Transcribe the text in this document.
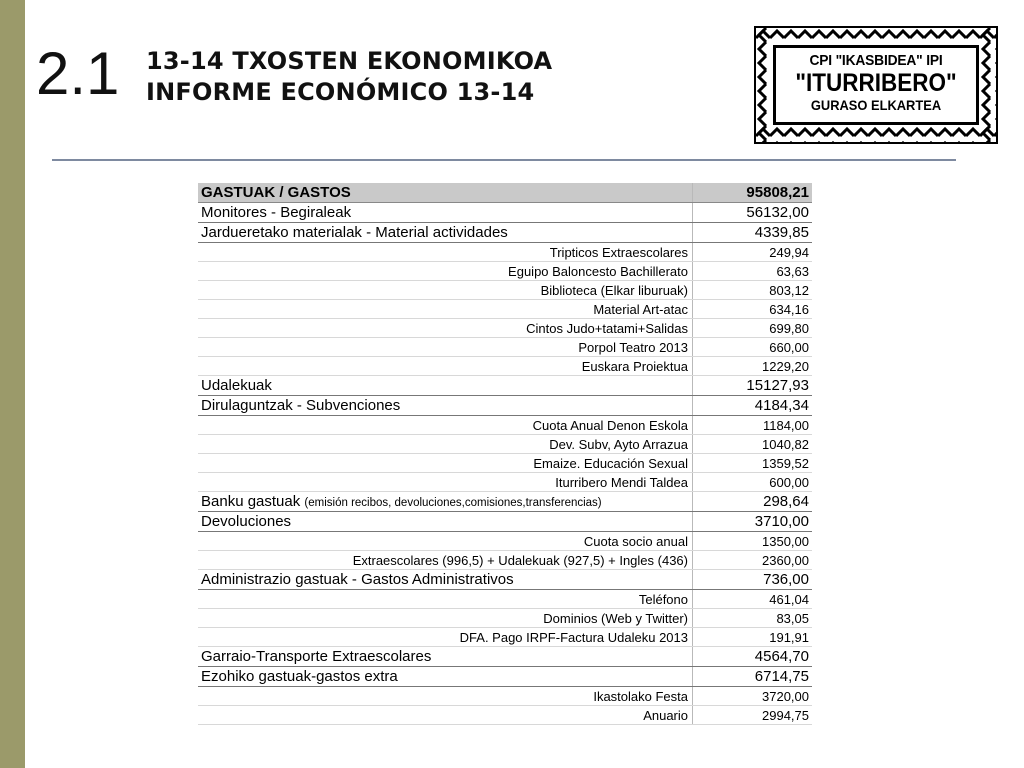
2.1 13-14 TXOSTEN EKONOMIKOA
INFORME ECONÓMICO 13-14
CPI "IKASBIDEA" IPI
"ITURRIBERO"
GURASO ELKARTEA
GASTUAK / GASTOS	95808,21
Monitores - Begiraleak	56132,00
Jardueretako materialak - Material actividades	4339,85
Tripticos Extraescolares	249,94
Eguipo Baloncesto Bachillerato	63,63
Biblioteca (Elkar liburuak)	803,12
Material Art-atac	634,16
Cintos Judo+tatami+Salidas	699,80
Porpol Teatro 2013	660,00
Euskara Proiektua	1229,20
Udalekuak	15127,93
Dirulaguntzak - Subvenciones	4184,34
Cuota Anual Denon Eskola	1184,00
Dev. Subv, Ayto Arrazua	1040,82
Emaize. Educación Sexual	1359,52
Iturribero Mendi Taldea	600,00
Banku gastuak (emisión recibos, devoluciones,comisiones,transferencias)	298,64
Devoluciones	3710,00
Cuota socio anual	1350,00
Extraescolares (996,5) + Udalekuak (927,5) + Ingles (436)	2360,00
Administrazio gastuak - Gastos Administrativos	736,00
Teléfono	461,04
Dominios (Web y Twitter)	83,05
DFA. Pago IRPF-Factura Udaleku 2013	191,91
Garraio-Transporte Extraescolares	4564,70
Ezohiko gastuak-gastos extra	6714,75
Ikastolako Festa	3720,00
Anuario	2994,75
